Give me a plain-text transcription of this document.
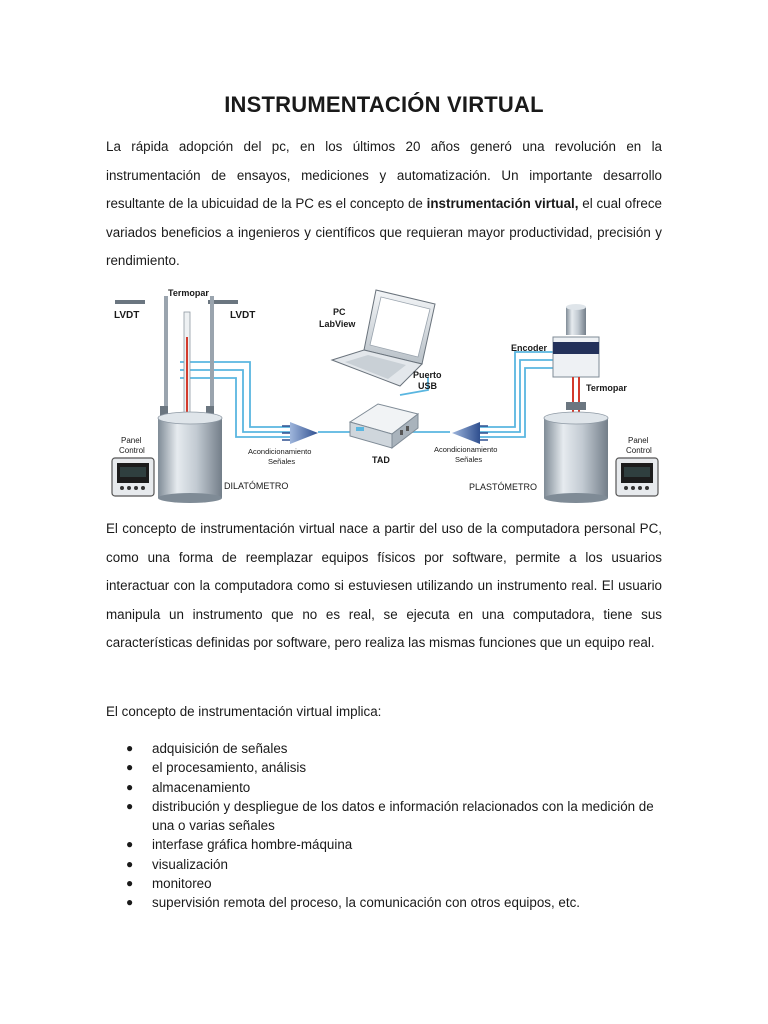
INSTRUMENTACIÓN VIRTUAL

La rápida adopción del pc, en los últimos 20 años generó una revolución en la instrumentación de ensayos, mediciones y automatización. Un importante desarrollo resultante de la ubicuidad de la PC es el concepto de instrumentación virtual, el cual ofrece variados beneficios a ingenieros y científicos que requieran mayor productividad, precisión y rendimiento.

Termopar
LVDT	LVDT	PC
LabView
Puerto
USB
Encoder
Termopar
Panel
Control
Panel
Control
Acondicionamiento
Señales
Acondicionamiento
Señales
TAD
DILATÓMETRO	PLASTÓMETRO

El concepto de instrumentación virtual nace a partir del uso de la computadora personal PC, como una forma de reemplazar equipos físicos por software, permite a los usuarios interactuar con la computadora como si estuviesen utilizando un instrumento real. El usuario manipula un instrumento que no es real, se ejecuta en una computadora, tiene sus características definidas por software, pero realiza las mismas funciones que un equipo real.

El concepto de instrumentación virtual implica:

● adquisición de señales
● el procesamiento, análisis
● almacenamiento
● distribución y despliegue de los datos e información relacionados con la medición de una o varias señales
● interfase gráfica hombre-máquina
● visualización
● monitoreo
● supervisión remota del proceso, la comunicación con otros equipos, etc.
